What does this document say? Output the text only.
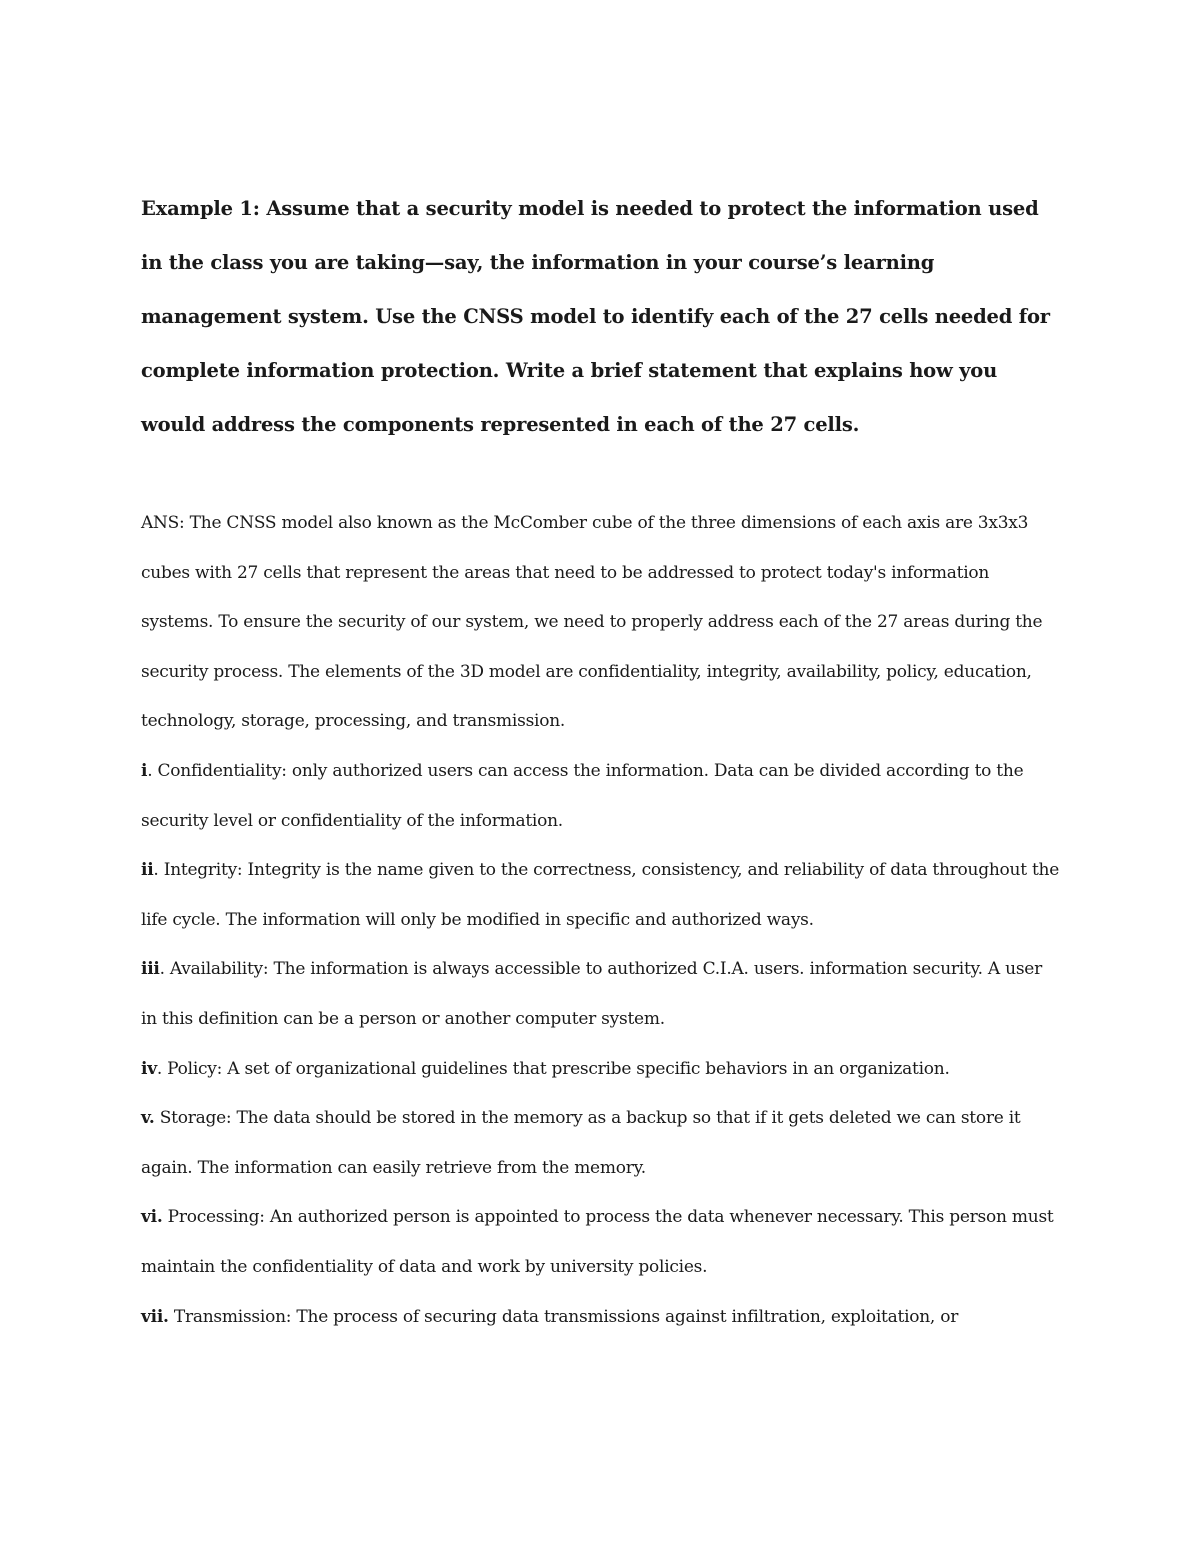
Example 1: Assume that a security model is needed to protect the information used in the class you are taking—say, the information in your course’s learning management system. Use the CNSS model to identify each of the 27 cells needed for complete information protection. Write a brief statement that explains how you would address the components represented in each of the 27 cells.

ANS: The CNSS model also known as the McComber cube of the three dimensions of each axis are 3x3x3 cubes with 27 cells that represent the areas that need to be addressed to protect today's information systems. To ensure the security of our system, we need to properly address each of the 27 areas during the security process. The elements of the 3D model are confidentiality, integrity, availability, policy, education, technology, storage, processing, and transmission.

i. Confidentiality: only authorized users can access the information. Data can be divided according to the security level or confidentiality of the information.

ii. Integrity: Integrity is the name given to the correctness, consistency, and reliability of data throughout the life cycle. The information will only be modified in specific and authorized ways.

iii. Availability: The information is always accessible to authorized C.I.A. users. information security. A user in this definition can be a person or another computer system.

iv. Policy: A set of organizational guidelines that prescribe specific behaviors in an organization.

v. Storage: The data should be stored in the memory as a backup so that if it gets deleted we can store it again. The information can easily retrieve from the memory.

vi. Processing: An authorized person is appointed to process the data whenever necessary. This person must maintain the confidentiality of data and work by university policies.

vii. Transmission: The process of securing data transmissions against infiltration, exploitation, or
